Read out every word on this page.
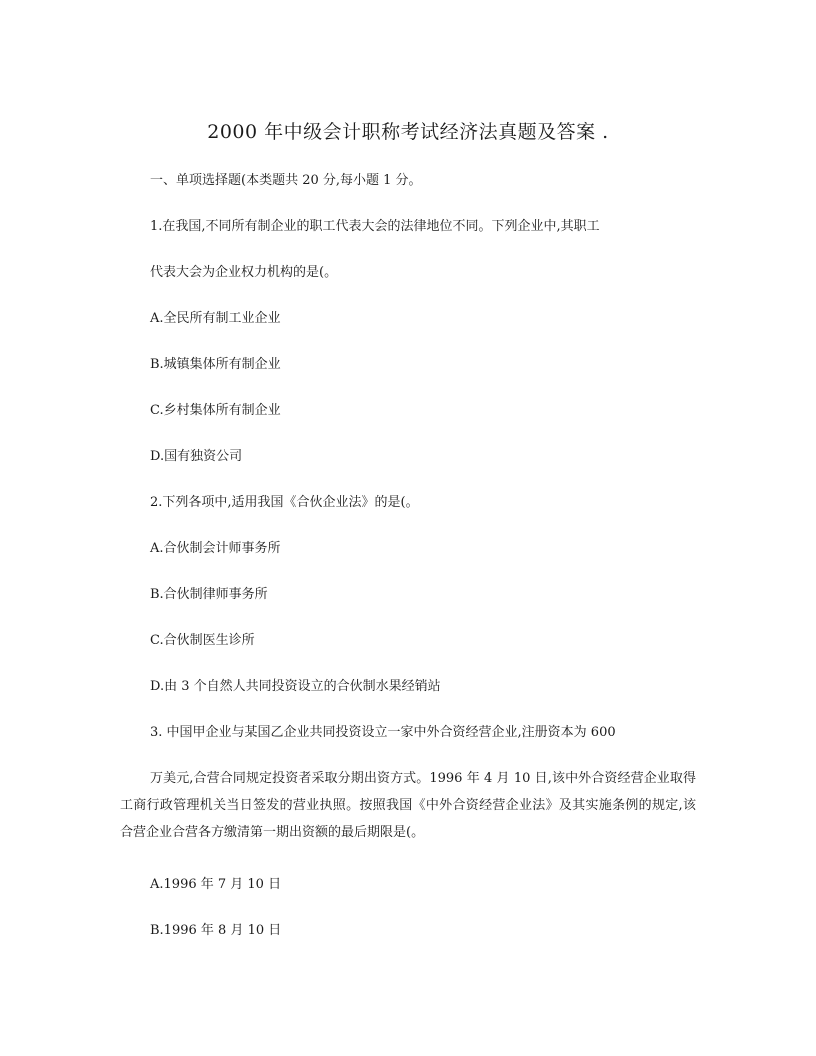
2000 年中级会计职称考试经济法真题及答案 .
一、单项选择题(本类题共 20 分,每小题 1 分。
1.在我国,不同所有制企业的职工代表大会的法律地位不同。下列企业中,其职工
代表大会为企业权力机构的是(。
A.全民所有制工业企业
B.城镇集体所有制企业
C.乡村集体所有制企业
D.国有独资公司
2.下列各项中,适用我国《合伙企业法》的是(。
A.合伙制会计师事务所
B.合伙制律师事务所
C.合伙制医生诊所
D.由 3 个自然人共同投资设立的合伙制水果经销站
3. 中国甲企业与某国乙企业共同投资设立一家中外合资经营企业,注册资本为 600
万美元,合营合同规定投资者采取分期出资方式。1996 年 4 月 10 日,该中外合资经营企业取得工商行政管理机关当日签发的营业执照。按照我国《中外合资经营企业法》及其实施条例的规定,该合营企业合营各方缴清第一期出资额的最后期限是(。
A.1996 年 7 月 10 日
B.1996 年 8 月 10 日
